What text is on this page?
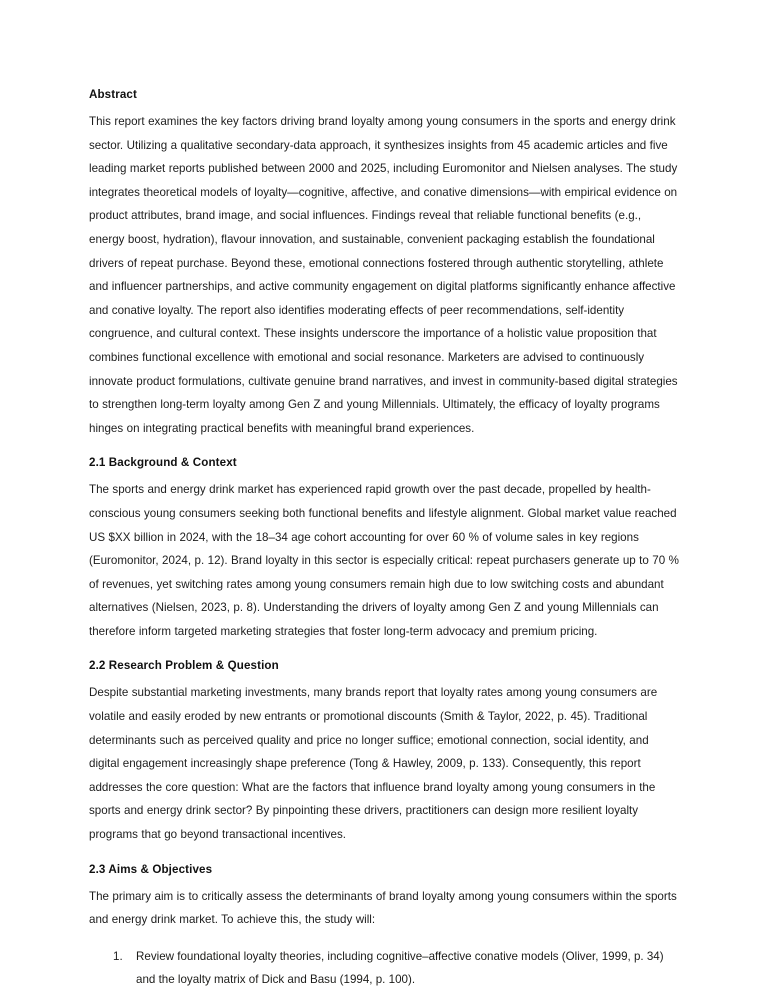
Abstract

This report examines the key factors driving brand loyalty among young consumers in the sports and energy drink sector. Utilizing a qualitative secondary-data approach, it synthesizes insights from 45 academic articles and five leading market reports published between 2000 and 2025, including Euromonitor and Nielsen analyses. The study integrates theoretical models of loyalty—cognitive, affective, and conative dimensions—with empirical evidence on product attributes, brand image, and social influences. Findings reveal that reliable functional benefits (e.g., energy boost, hydration), flavour innovation, and sustainable, convenient packaging establish the foundational drivers of repeat purchase. Beyond these, emotional connections fostered through authentic storytelling, athlete and influencer partnerships, and active community engagement on digital platforms significantly enhance affective and conative loyalty. The report also identifies moderating effects of peer recommendations, self-identity congruence, and cultural context. These insights underscore the importance of a holistic value proposition that combines functional excellence with emotional and social resonance. Marketers are advised to continuously innovate product formulations, cultivate genuine brand narratives, and invest in community-based digital strategies to strengthen long-term loyalty among Gen Z and young Millennials. Ultimately, the efficacy of loyalty programs hinges on integrating practical benefits with meaningful brand experiences.

2.1 Background & Context

The sports and energy drink market has experienced rapid growth over the past decade, propelled by health-conscious young consumers seeking both functional benefits and lifestyle alignment. Global market value reached US $XX billion in 2024, with the 18–34 age cohort accounting for over 60 % of volume sales in key regions (Euromonitor, 2024, p. 12). Brand loyalty in this sector is especially critical: repeat purchasers generate up to 70 % of revenues, yet switching rates among young consumers remain high due to low switching costs and abundant alternatives (Nielsen, 2023, p. 8). Understanding the drivers of loyalty among Gen Z and young Millennials can therefore inform targeted marketing strategies that foster long-term advocacy and premium pricing.

2.2 Research Problem & Question

Despite substantial marketing investments, many brands report that loyalty rates among young consumers are volatile and easily eroded by new entrants or promotional discounts (Smith & Taylor, 2022, p. 45). Traditional determinants such as perceived quality and price no longer suffice; emotional connection, social identity, and digital engagement increasingly shape preference (Tong & Hawley, 2009, p. 133). Consequently, this report addresses the core question: What are the factors that influence brand loyalty among young consumers in the sports and energy drink sector? By pinpointing these drivers, practitioners can design more resilient loyalty programs that go beyond transactional incentives.

2.3 Aims & Objectives

The primary aim is to critically assess the determinants of brand loyalty among young consumers within the sports and energy drink market. To achieve this, the study will:

1.	Review foundational loyalty theories, including cognitive–affective conative models (Oliver, 1999, p. 34) and the loyalty matrix of Dick and Basu (1994, p. 100).
